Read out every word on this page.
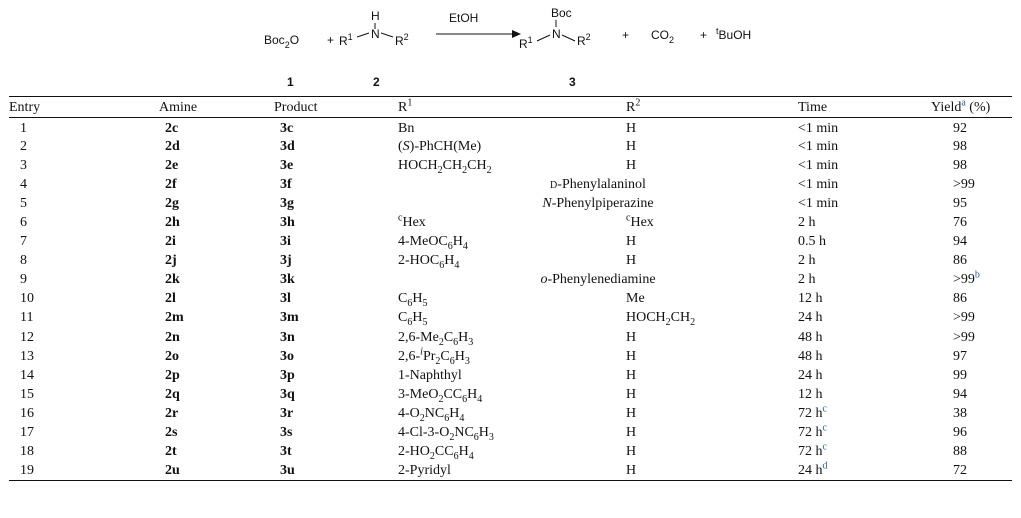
Boc$_2$O +
H
N
$R^1$	$R^2$
EtOH	Boc
N
$R^1$	$R^2$	+ $CO_2$ + $^t$BuOH
1	2	3
Entry	Amine	Product	$R^1$	$R^2$	Time	Yield$^a$ (%)
1	2c	3c	Bn	H	<1 min	92
2	2d	3d	(S)-PhCH(Me)	H	<1 min	98
3	2e	3e	$HOCH_2CH_2CH_2$	H	<1 min	98
4	2f	3f	d-Phenylalaninol		<1 min	>99
5	2g	3g	N-Phenylpiperazine		<1 min	95
6	2h	3h	$^c$Hex	$^c$Hex	2 h	76
7	2i	3i	$4-MeOC_6H_4$	H	0.5 h	94
8	2j	3j	$2-HOC_6H_4$	H	2 h	86
9	2k	3k	o-Phenylenediamine		2 h	>99$^b$
10	2l	3l	$C_6H_5$	Me	12 h	86
11	2m	3m	$C_6H_5$	$HOCH_2CH_2$	24 h	>99
12	2n	3n	$2,6-Me_2C_6H_3$	H	48 h	>99
13	2o	3o	$2,6-^iPr_2C_6H_3$	H	48 h	97
14	2p	3p	1-Naphthyl	H	24 h	99
15	2q	3q	$3-MeO_2CC_6H_4$	H	12 h	94
16	2r	3r	$4-O_2NC_6H_4$	H	72 h$^c$	38
17	2s	3s	$4-Cl-3-O_2NC_6H_3$	H	72 h$^c$	96
18	2t	3t	$2-HO_2CC_6H_4$	H	72 h$^c$	88
19	2u	3u	2-Pyridyl	H	24 h$^d$	72
